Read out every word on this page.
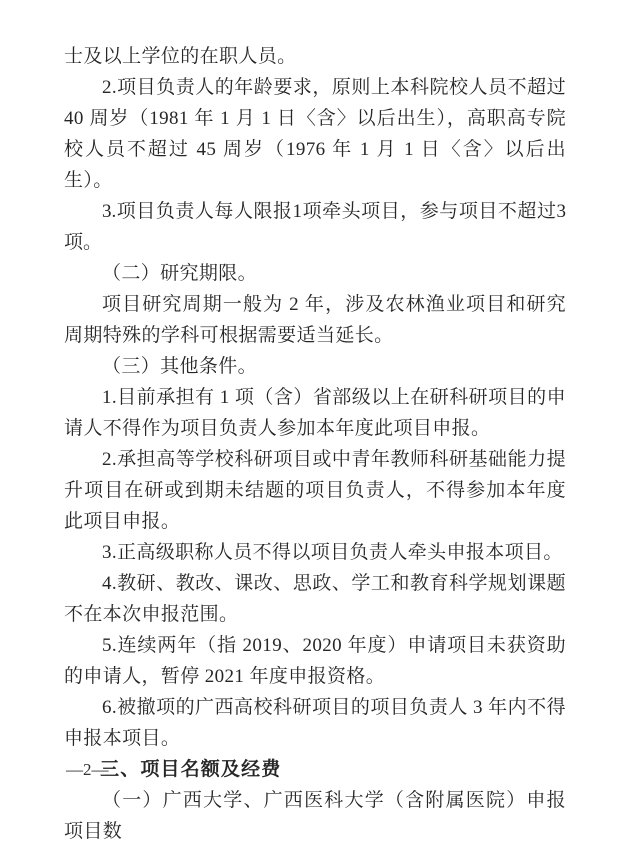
士及以上学位的在职人员。

2.项目负责人的年龄要求，原则上本科院校人员不超过 40 周岁（1981 年 1 月 1 日〈含〉以后出生），高职高专院校人员不超过 45 周岁（1976 年 1 月 1 日〈含〉以后出生）。

3.项目负责人每人限报1项牵头项目，参与项目不超过3项。

（二）研究期限。

项目研究周期一般为 2 年，涉及农林渔业项目和研究周期特殊的学科可根据需要适当延长。

（三）其他条件。

1.目前承担有 1 项（含）省部级以上在研科研项目的申请人不得作为项目负责人参加本年度此项目申报。

2.承担高等学校科研项目或中青年教师科研基础能力提升项目在研或到期未结题的项目负责人，不得参加本年度此项目申报。

3.正高级职称人员不得以项目负责人牵头申报本项目。

4.教研、教改、课改、思政、学工和教育科学规划课题不在本次申报范围。

5.连续两年（指 2019、2020 年度）申请项目未获资助的申请人，暂停 2021 年度申报资格。

6.被撤项的广西高校科研项目的项目负责人 3 年内不得申报本项目。

三、项目名额及经费

（一）广西大学、广西医科大学（含附属医院）申报项目数

—2—
